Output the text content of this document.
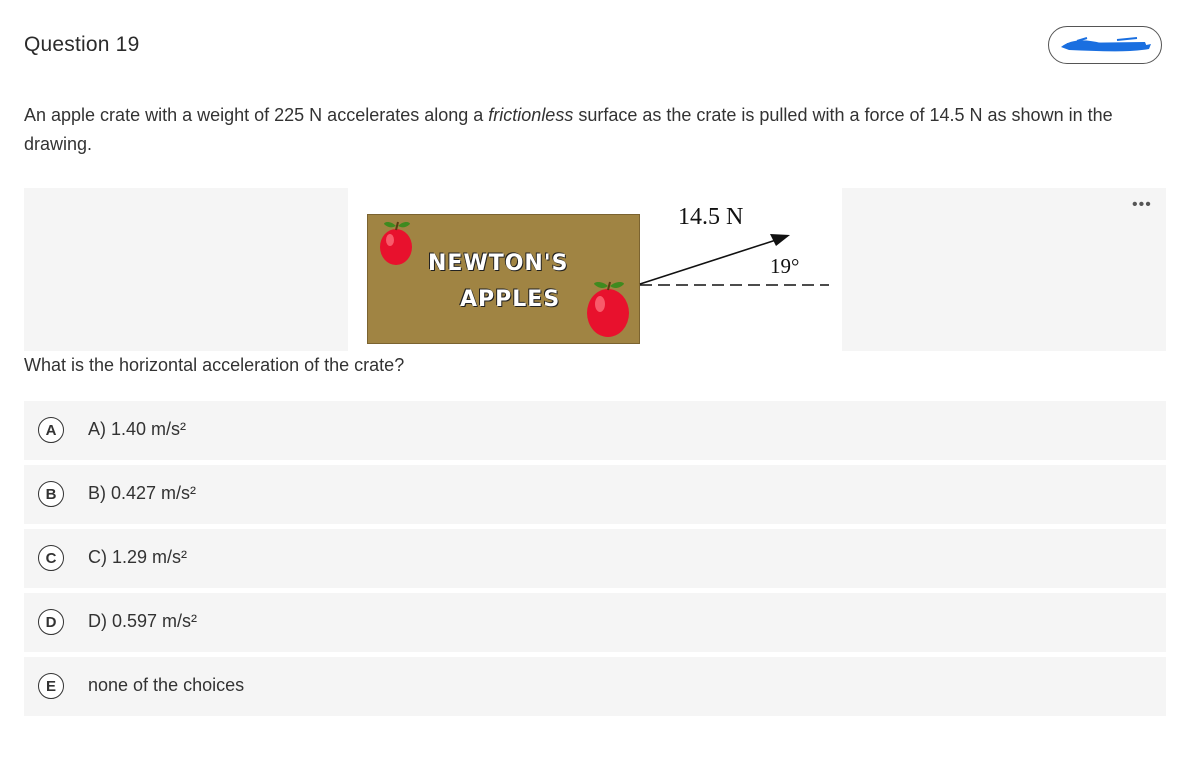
Question 19
An apple crate with a weight of 225 N accelerates along a frictionless surface as the crate is pulled with a force of 14.5 N as shown in the drawing.
•••
NEWTON'S
APPLES
14.5 N
19°
What is the horizontal acceleration of the crate?
A	A) 1.40 m/s²
B	B) 0.427 m/s²
C	C) 1.29 m/s²
D	D) 0.597 m/s²
E	none of the choices
